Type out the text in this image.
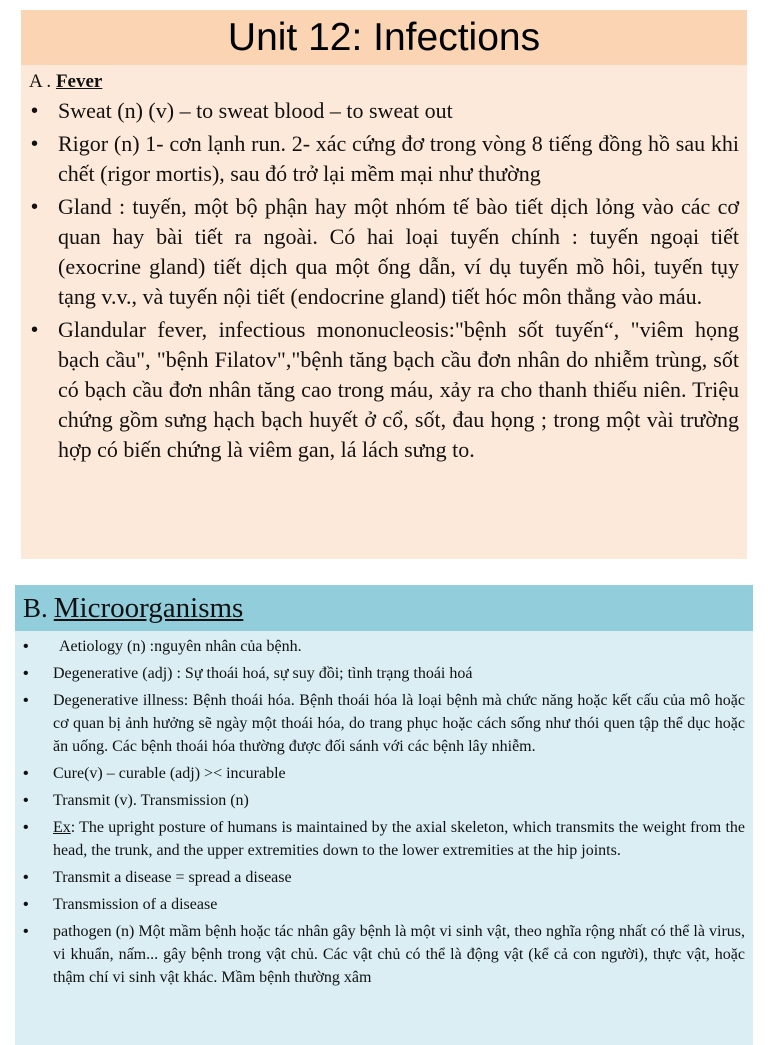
Unit 12: Infections
A . Fever
• Sweat (n) (v) – to sweat blood – to sweat out
• Rigor (n) 1- cơn lạnh run. 2- xác cứng đơ trong vòng 8 tiếng đồng hồ sau khi chết (rigor mortis), sau đó trở lại mềm mại như thường
• Gland : tuyến, một bộ phận hay một nhóm tế bào tiết dịch lỏng vào các cơ quan hay bài tiết ra ngoài. Có hai loại tuyến chính : tuyến ngoại tiết (exocrine gland) tiết dịch qua một ống dẫn, ví dụ tuyến mồ hôi, tuyến tụy tạng v.v., và tuyến nội tiết (endocrine gland) tiết hóc môn thẳng vào máu.
• Glandular fever, infectious mononucleosis:"bệnh sốt tuyến“, "viêm họng bạch cầu", "bệnh Filatov","bệnh tăng bạch cầu đơn nhân do nhiễm trùng, sốt có bạch cầu đơn nhân tăng cao trong máu, xảy ra cho thanh thiếu niên. Triệu chứng gồm sưng hạch bạch huyết ở cổ, sốt, đau họng ; trong một vài trường hợp có biến chứng là viêm gan, lá lách sưng to.
B. Microorganisms
• Aetiology (n) :nguyên nhân của bệnh.
• Degenerative (adj) : Sự thoái hoá, sự suy đồi; tình trạng thoái hoá
• Degenerative illness: Bệnh thoái hóa. Bệnh thoái hóa là loại bệnh mà chức năng hoặc kết cấu của mô hoặc cơ quan bị ảnh hưởng sẽ ngày một thoái hóa, do trang phục hoặc cách sống như thói quen tập thể dục hoặc ăn uống. Các bệnh thoái hóa thường được đối sánh với các bệnh lây nhiễm.
• Cure(v) – curable (adj) >< incurable
• Transmit (v). Transmission (n)
• Ex: The upright posture of humans is maintained by the axial skeleton, which transmits the weight from the head, the trunk, and the upper extremities down to the lower extremities at the hip joints.
• Transmit a disease = spread a disease
• Transmission of a disease
• pathogen (n) Một mầm bệnh hoặc tác nhân gây bệnh là một vi sinh vật, theo nghĩa rộng nhất có thể là virus, vi khuẩn, nấm... gây bệnh trong vật chủ. Các vật chủ có thể là động vật (kể cả con người), thực vật, hoặc thậm chí vi sinh vật khác. Mầm bệnh thường xâm
